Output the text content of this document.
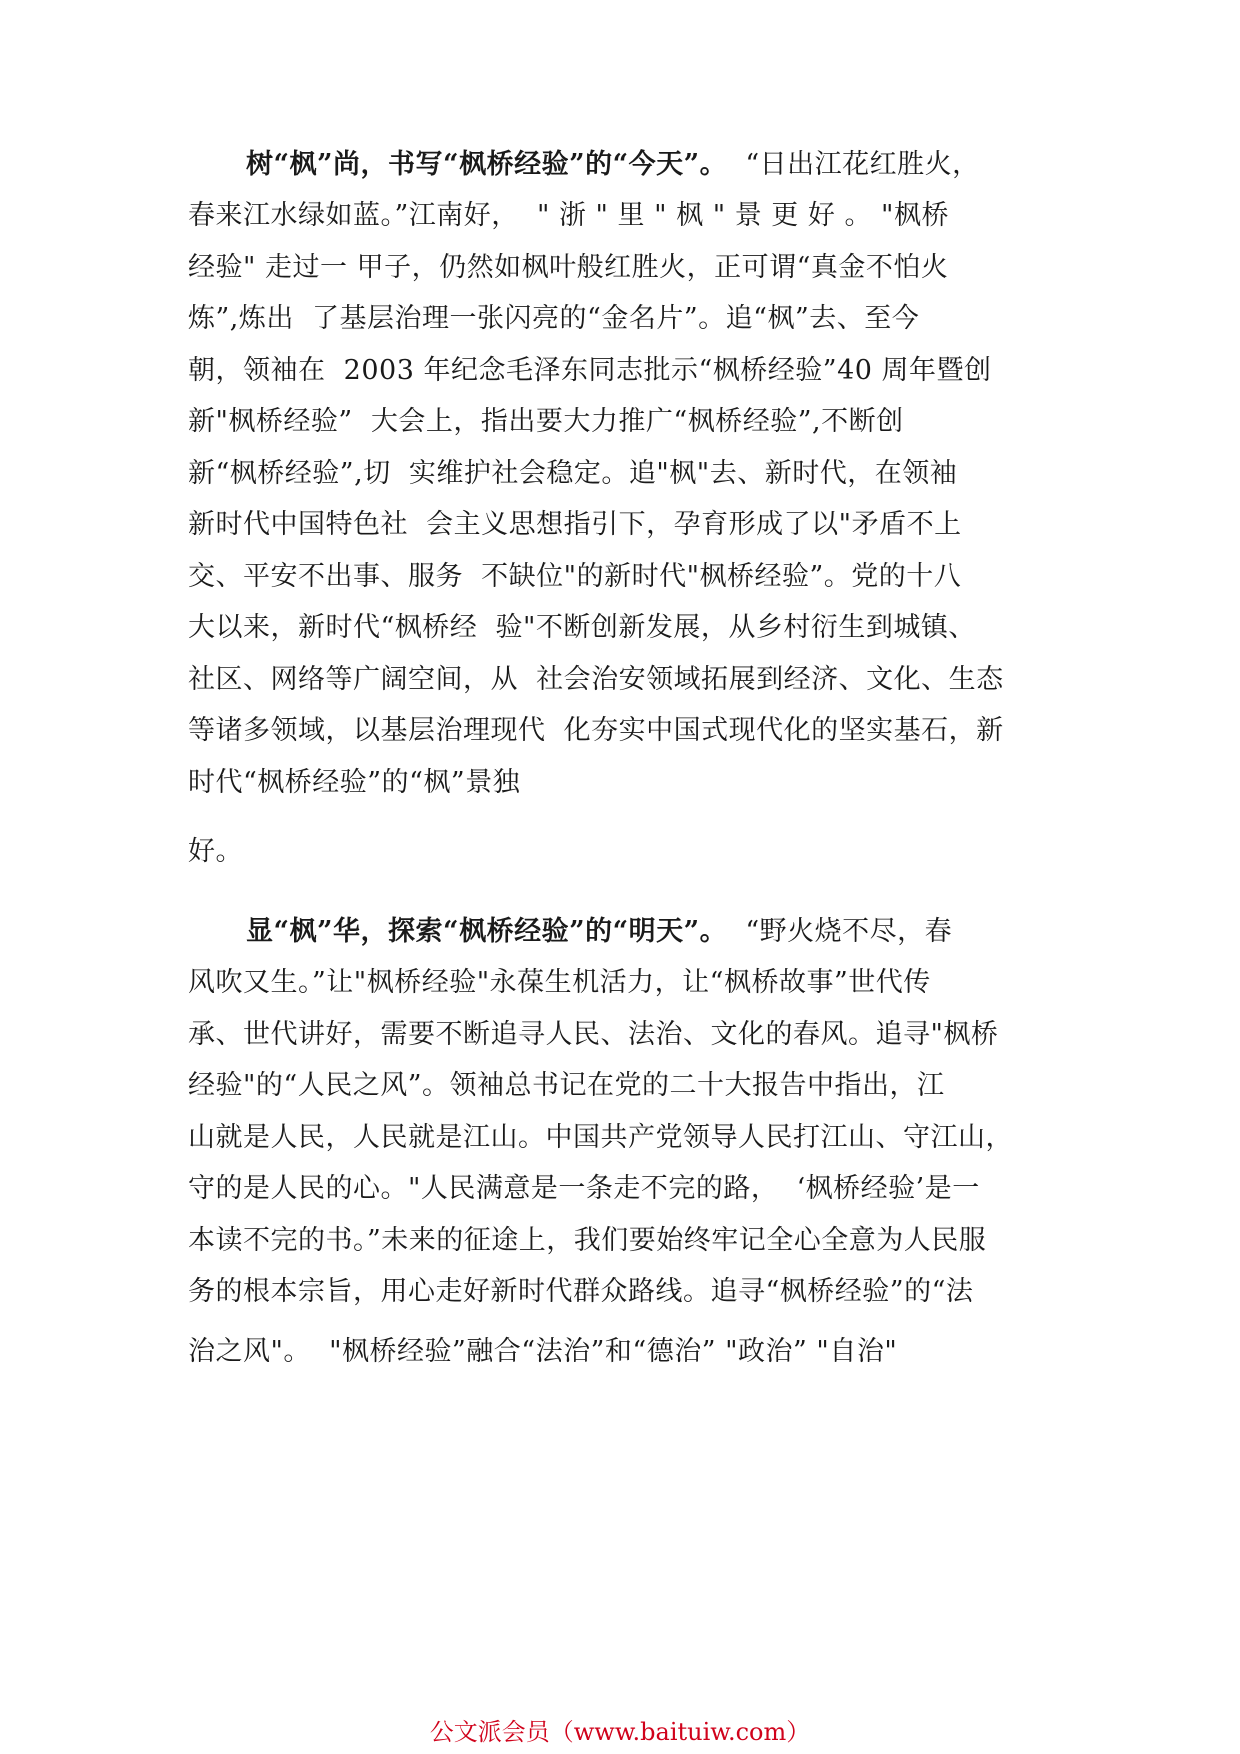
树“枫”尚，书写“枫桥经验”的“今天”。  “日出江花红胜火，
春来江水绿如蓝。”江南好，  " 浙 " 里 " 枫 " 景 更 好 。 "枫桥
经验" 走过一 甲子，仍然如枫叶般红胜火，正可谓“真金不怕火
炼”,炼出  了基层治理一张闪亮的“金名片”。追“枫”去、至今
朝，领袖在  2003 年纪念毛泽东同志批示“枫桥经验”40 周年暨创
新"枫桥经验”  大会上，指出要大力推广“枫桥经验”,不断创
新“枫桥经验”,切  实维护社会稳定。追"枫"去、新时代，在领袖
新时代中国特色社  会主义思想指引下，孕育形成了以"矛盾不上
交、平安不出事、服务  不缺位"的新时代"枫桥经验”。党的十八
大以来，新时代“枫桥经  验"不断创新发展，从乡村衍生到城镇、
社区、网络等广阔空间，从  社会治安领域拓展到经济、文化、生态
等诸多领域，以基层治理现代  化夯实中国式现代化的坚实基石，新
时代“枫桥经验”的“枫”景独
好。
显“枫”华，探索“枫桥经验”的“明天”。  “野火烧不尽，春
风吹又生。”让"枫桥经验"永葆生机活力，让“枫桥故事”世代传
承、世代讲好，需要不断追寻人民、法治、文化的春风。追寻"枫桥
经验"的“人民之风”。领袖总书记在党的二十大报告中指出，江
山就是人民，人民就是江山。中国共产党领导人民打江山、守江山，
守的是人民的心。"人民满意是一条走不完的路，  ‘枫桥经验’是一
本读不完的书。”未来的征途上，我们要始终牢记全心全意为人民服
务的根本宗旨，用心走好新时代群众路线。追寻“枫桥经验”的“法
治之风"。  "枫桥经验”融合“法治”和“德治” "政治” "自治"
公文派会员（www.baituiw.com）
